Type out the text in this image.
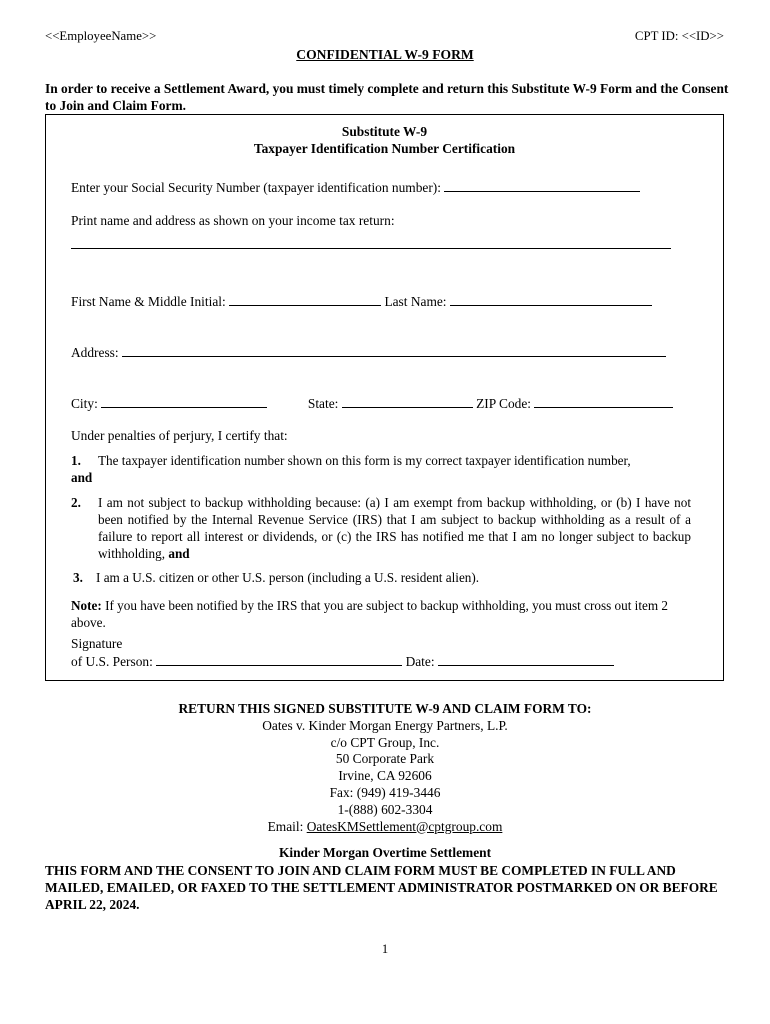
<<EmployeeName>>	CPT ID: <<ID>>
CONFIDENTIAL W-9 FORM
In order to receive a Settlement Award, you must timely complete and return this Substitute W-9 Form and the Consent to Join and Claim Form.
Substitute W-9
Taxpayer Identification Number Certification
Enter your Social Security Number (taxpayer identification number):
Print name and address as shown on your income tax return:
First Name & Middle Initial:	Last Name:
Address:
City:	State:	ZIP Code:
Under penalties of perjury, I certify that:
1.	The taxpayer identification number shown on this form is my correct taxpayer identification number,
and
2.	I am not subject to backup withholding because: (a) I am exempt from backup withholding, or (b) I have not been notified by the Internal Revenue Service (IRS) that I am subject to backup withholding as a result of a failure to report all interest or dividends, or (c) the IRS has notified me that I am no longer subject to backup withholding, and
3. I am a U.S. citizen or other U.S. person (including a U.S. resident alien).
Note: If you have been notified by the IRS that you are subject to backup withholding, you must cross out item 2 above.
Signature
of U.S. Person:	Date:
RETURN THIS SIGNED SUBSTITUTE W-9 AND CLAIM FORM TO:
Oates v. Kinder Morgan Energy Partners, L.P.
c/o CPT Group, Inc.
50 Corporate Park
Irvine, CA 92606
Fax: (949) 419-3446
1-(888) 602-3304
Email: OatesKMSettlement@cptgroup.com
Kinder Morgan Overtime Settlement
THIS FORM AND THE CONSENT TO JOIN AND CLAIM FORM MUST BE COMPLETED IN FULL AND MAILED, EMAILED, OR FAXED TO THE SETTLEMENT ADMINISTRATOR POSTMARKED ON OR BEFORE APRIL 22, 2024.
1
